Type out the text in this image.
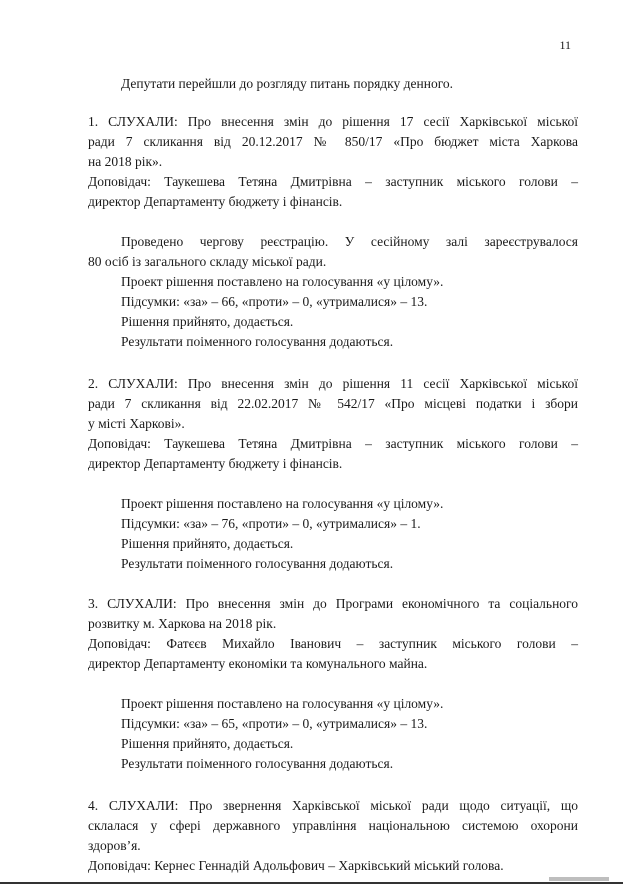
11
Депутати перейшли до розгляду питань порядку денного.
1. СЛУХАЛИ: Про внесення змін до рішення 17 сесії Харківської міської
ради 7 скликання від 20.12.2017 № 850/17 «Про бюджет міста Харкова
на 2018 рік».
Доповідач: Таукешева Тетяна Дмитрівна – заступник міського голови –
директор Департаменту бюджету і фінансів.
Проведено чергову реєстрацію. У сесійному залі зареєструвалося
80 осіб із загального складу міської ради.
Проект рішення поставлено на голосування «у цілому».
Підсумки: «за» – 66, «проти» – 0, «утрималися» – 13.
Рішення прийнято, додається.
Результати поіменного голосування додаються.
2. СЛУХАЛИ: Про внесення змін до рішення 11 сесії Харківської міської
ради 7 скликання від 22.02.2017 № 542/17 «Про місцеві податки і збори
у місті Харкові».
Доповідач: Таукешева Тетяна Дмитрівна – заступник міського голови –
директор Департаменту бюджету і фінансів.
Проект рішення поставлено на голосування «у цілому».
Підсумки: «за» – 76, «проти» – 0, «утрималися» – 1.
Рішення прийнято, додається.
Результати поіменного голосування додаються.
3. СЛУХАЛИ: Про внесення змін до Програми економічного та соціального
розвитку м. Харкова на 2018 рік.
Доповідач: Фатєєв Михайло Іванович – заступник міського голови –
директор Департаменту економіки та комунального майна.
Проект рішення поставлено на голосування «у цілому».
Підсумки: «за» – 65, «проти» – 0, «утрималися» – 13.
Рішення прийнято, додається.
Результати поіменного голосування додаються.
4. СЛУХАЛИ: Про звернення Харківської міської ради щодо ситуації, що
склалася у сфері державного управління національною системою охорони
здоров’я.
Доповідач: Кернес Геннадій Адольфович – Харківський міський голова.
